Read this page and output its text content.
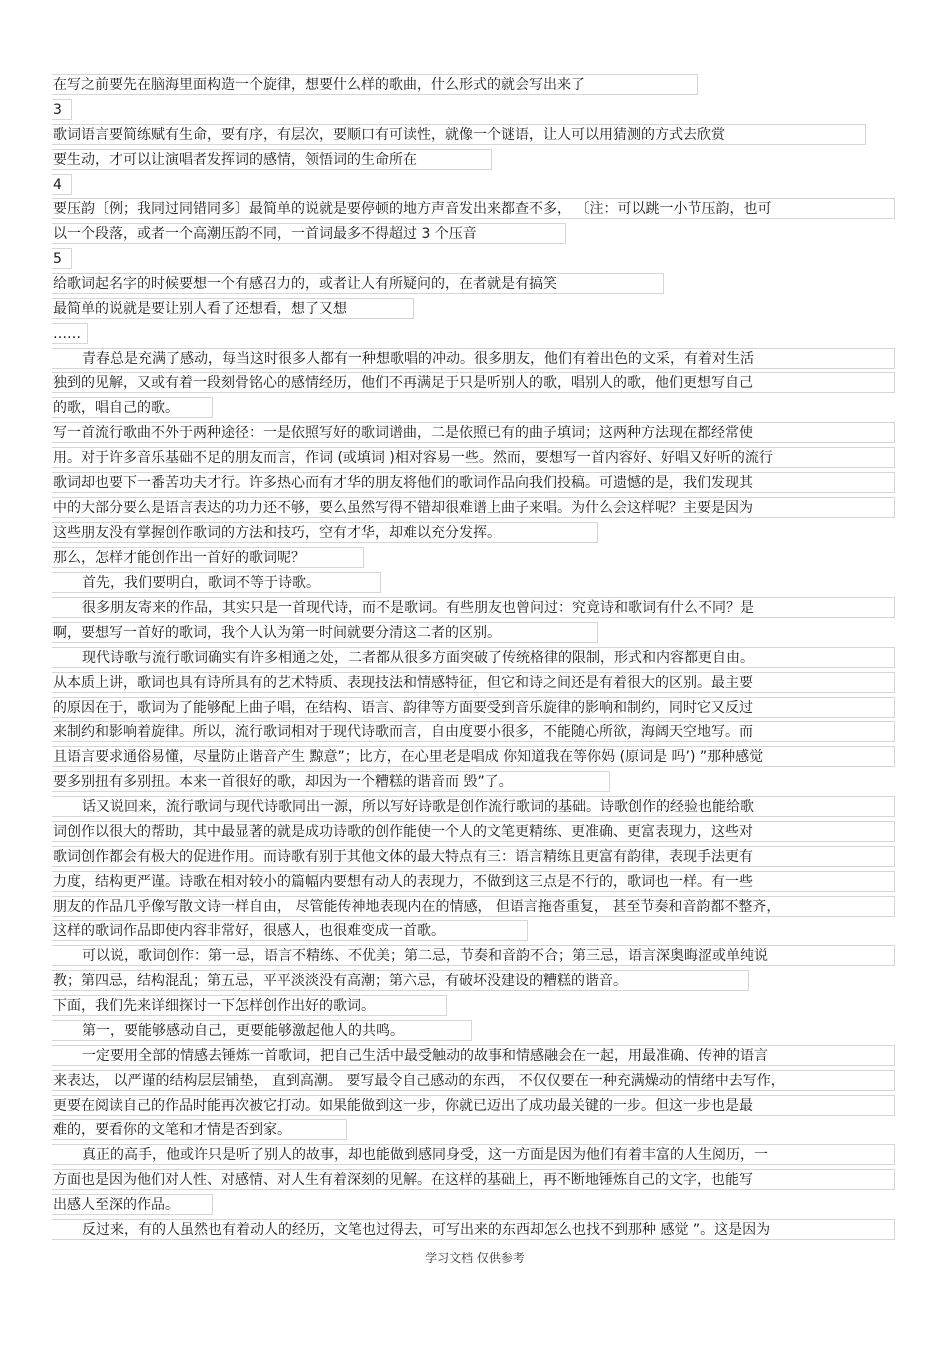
在写之前要先在脑海里面构造一个旋律，想要什么样的歌曲，什么形式的就会写出来了
3
歌词语言要简练赋有生命，要有序，有层次，要顺口有可读性，就像一个谜语，让人可以用猜测的方式去欣赏
要生动，才可以让演唱者发挥词的感情，领悟词的生命所在
4
要压韵〔例；我同过同错同多〕最简单的说就是要停顿的地方声音发出来都查不多， 〔注：可以跳一小节压韵，也可
以一个段落，或者一个高潮压韵不同，一首词最多不得超过 3 个压音
5
给歌词起名字的时候要想一个有感召力的，或者让人有所疑问的，在者就是有搞笑
最简单的说就是要让别人看了还想看，想了又想
……
青春总是充满了感动，每当这时很多人都有一种想歌唱的冲动。很多朋友，他们有着出色的文采，有着对生活
独到的见解，又或有着一段刻骨铭心的感情经历，他们不再满足于只是听别人的歌，唱别人的歌，他们更想写自己
的歌，唱自己的歌。
写一首流行歌曲不外于两种途径：一是依照写好的歌词谱曲，二是依照已有的曲子填词；这两种方法现在都经常使
用。对于许多音乐基础不足的朋友而言，作词 (或填词 )相对容易一些。然而，要想写一首内容好、好唱又好听的流行
歌词却也要下一番苦功夫才行。许多热心而有才华的朋友将他们的歌词作品向我们投稿。可遗憾的是，我们发现其
中的大部分要么是语言表达的功力还不够，要么虽然写得不错却很难谱上曲子来唱。为什么会这样呢？主要是因为
这些朋友没有掌握创作歌词的方法和技巧，空有才华，却难以充分发挥。
那么，怎样才能创作出一首好的歌词呢？
首先，我们要明白，歌词不等于诗歌。
很多朋友寄来的作品，其实只是一首现代诗，而不是歌词。有些朋友也曾问过：究竟诗和歌词有什么不同？是
啊，要想写一首好的歌词，我个人认为第一时间就要分清这二者的区别。
现代诗歌与流行歌词确实有许多相通之处，二者都从很多方面突破了传统格律的限制，形式和内容都更自由。
从本质上讲，歌词也具有诗所具有的艺术特质、表现技法和情感特征，但它和诗之间还是有着很大的区别。最主要
的原因在于，歌词为了能够配上曲子唱，在结构、语言、韵律等方面要受到音乐旋律的影响和制约，同时它又反过
来制约和影响着旋律。所以，流行歌词相对于现代诗歌而言，自由度要小很多，不能随心所欲，海阔天空地写。而
且语言要求通俗易懂，尽量防止谐音产生 黥意”；比方，在心里老是唱成 你知道我在等你妈 (原词是 吗’) ”那种感觉
要多别扭有多别扭。本来一首很好的歌，却因为一个糟糕的谐音而 毁”了。
话又说回来，流行歌词与现代诗歌同出一源，所以写好诗歌是创作流行歌词的基础。诗歌创作的经验也能给歌
词创作以很大的帮助，其中最显著的就是成功诗歌的创作能使一个人的文笔更精练、更准确、更富表现力，这些对
歌词创作都会有极大的促进作用。而诗歌有别于其他文体的最大特点有三：语言精练且更富有韵律，表现手法更有
力度，结构更严谨。诗歌在相对较小的篇幅内要想有动人的表现力，不做到这三点是不行的，歌词也一样。有一些
朋友的作品几乎像写散文诗一样自由， 尽管能传神地表现内在的情感， 但语言拖沓重复， 甚至节奏和音韵都不整齐，
这样的歌词作品即使内容非常好，很感人，也很难变成一首歌。
可以说，歌词创作：第一忌，语言不精练、不优美；第二忌，节奏和音韵不合；第三忌，语言深奥晦涩或单纯说
教；第四忌，结构混乱；第五忌，平平淡淡没有高潮；第六忌，有破坏没建设的糟糕的谐音。
下面，我们先来详细探讨一下怎样创作出好的歌词。
第一，要能够感动自己，更要能够激起他人的共鸣。
一定要用全部的情感去锤炼一首歌词，把自己生活中最受触动的故事和情感融会在一起，用最准确、传神的语言
来表达， 以严谨的结构层层铺垫， 直到高潮。 要写最令自己感动的东西， 不仅仅要在一种充满燥动的情绪中去写作，
更要在阅读自己的作品时能再次被它打动。如果能做到这一步，你就已迈出了成功最关键的一步。但这一步也是最
难的，要看你的文笔和才情是否到家。
真正的高手，他或许只是听了别人的故事，却也能做到感同身受，这一方面是因为他们有着丰富的人生阅历，一
方面也是因为他们对人性、对感情、对人生有着深刻的见解。在这样的基础上，再不断地锤炼自己的文字，也能写
出感人至深的作品。
反过来，有的人虽然也有着动人的经历，文笔也过得去，可写出来的东西却怎么也找不到那种 感觉 ”。这是因为
学习文档 仅供参考
